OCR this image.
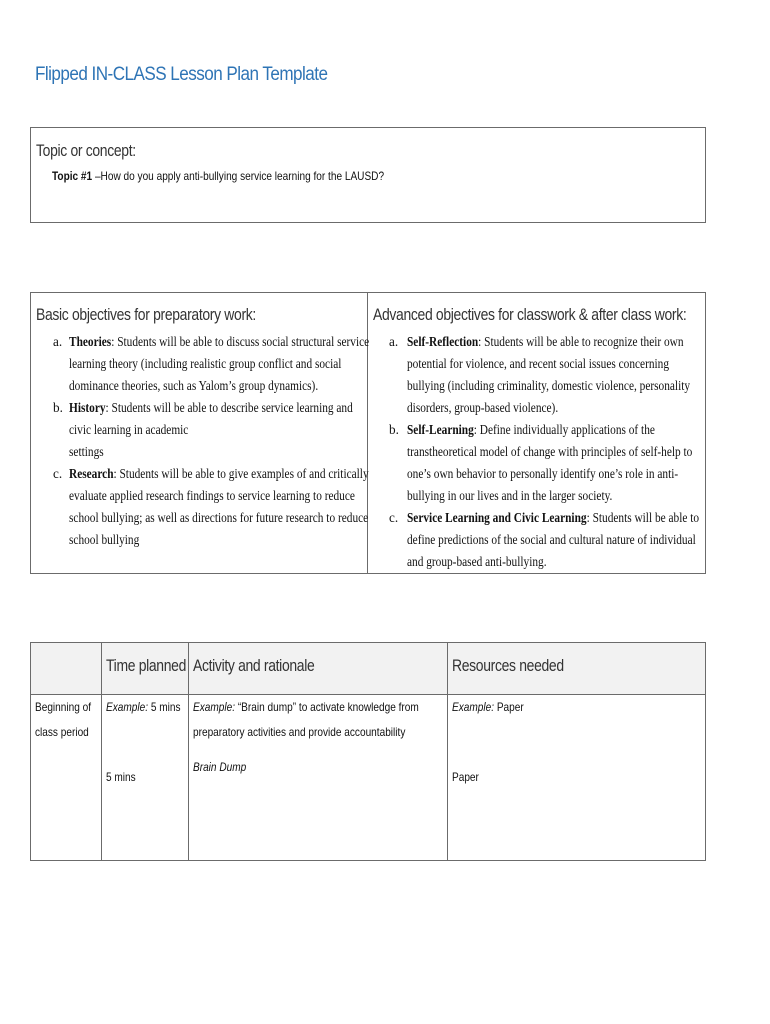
Flipped IN-CLASS Lesson Plan Template
Topic or concept:
Topic #1 –How do you apply anti-bullying service learning for the LAUSD?
Basic objectives for preparatory work:
a. Theories: Students will be able to discuss social structural service
learning theory (including realistic group conflict and social
dominance theories, such as Yalom’s group dynamics).
b. History: Students will be able to describe service learning and
civic learning in academic
settings
c. Research: Students will be able to give examples of and critically
evaluate applied research findings to service learning to reduce
school bullying; as well as directions for future research to reduce
school bullying
Advanced objectives for classwork & after class work:
a. Self-Reflection: Students will be able to recognize their own
potential for violence, and recent social issues concerning
bullying (including criminality, domestic violence, personality
disorders, group-based violence).
b. Self-Learning: Define individually applications of the
transtheoretical model of change with principles of self-help to
one’s own behavior to personally identify one’s role in anti-
bullying in our lives and in the larger society.
c. Service Learning and Civic Learning: Students will be able to
define predictions of the social and cultural nature of individual
and group-based anti-bullying.
Time planned Activity and rationale	Resources needed
Beginning of
class period
Example: 5 mins Example: “Brain dump” to activate knowledge from
preparatory activities and provide accountability
Example: Paper
5 mins
Brain Dump
Paper
